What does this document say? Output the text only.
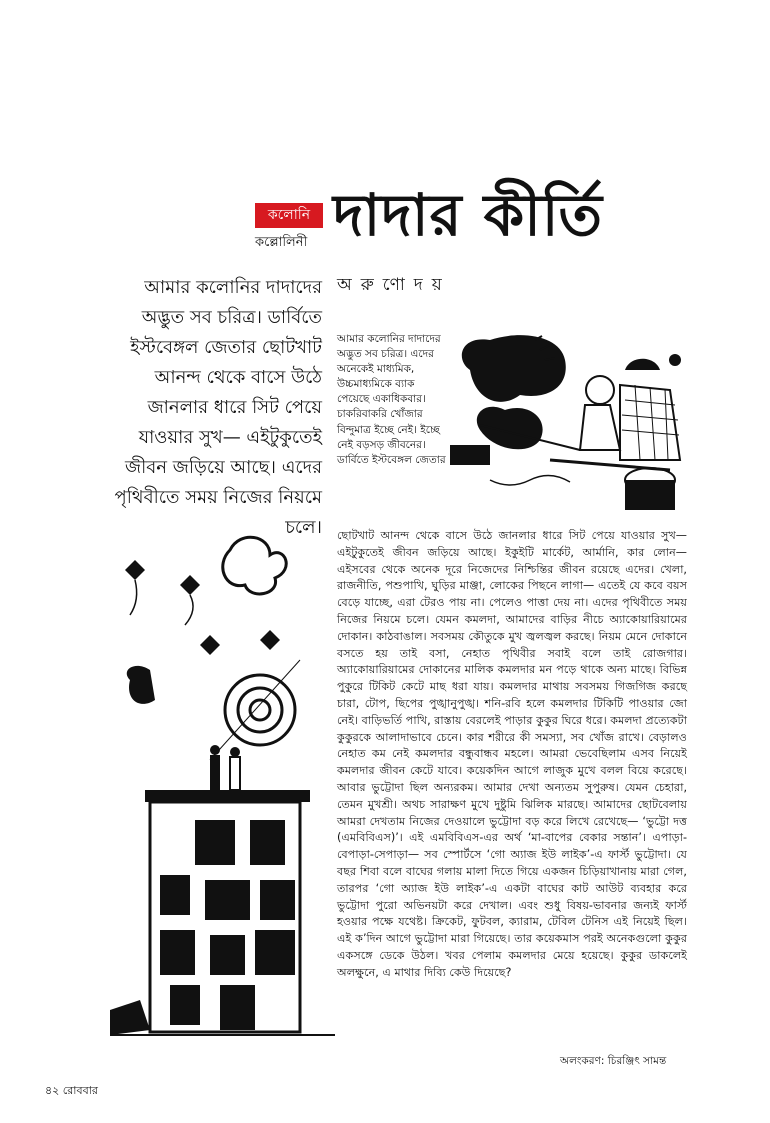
কলোনি
কল্লোলিনী দাদার কীর্তি
আমার কলোনির দাদাদের অদ্ভুত সব চরিত্র। ডার্বিতে ইস্টবেঙ্গল জেতার ছোটখাট আনন্দ থেকে বাসে উঠে জানলার ধারে সিট পেয়ে যাওয়ার সুখ— এইটুকুতেই জীবন জড়িয়ে আছে। এদের পৃথিবীতে সময় নিজের নিয়মে চলে।
অরুণোদয়
আমার কলোনির দাদাদের অদ্ভুত সব চরিত্র। এদের অনেকেই মাধ্যমিক, উচ্চমাধ্যমিকে ব্যাক পেয়েছে একাধিকবার। চাকরিবাকরি খোঁজার বিন্দুমাত্র ইচ্ছে নেই। ইচ্ছে নেই বড়সড় জীবনের। ডার্বিতে ইস্টবেঙ্গল জেতার

ছোটখাট আনন্দ থেকে বাসে উঠে জানলার ধারে সিট পেয়ে যাওয়ার সুখ— এইটুকুতেই জীবন জড়িয়ে আছে। ইকুইটি মার্কেট, আর্মানি, কার লোন— এইসবের থেকে অনেক দূরে নিজেদের নিশ্চিন্তির জীবন রয়েছে এদের। খেলা, রাজনীতি, পশুপাখি, ঘুড়ির মাঞ্জা, লোকের পিছনে লাগা— এতেই যে কবে বয়স বেড়ে যাচ্ছে, এরা টেরও পায় না। পেলেও পাত্তা দেয় না। এদের পৃথিবীতে সময় নিজের নিয়মে চলে। যেমন কমলদা, আমাদের বাড়ির নীচে অ্যাকোয়ারিয়ামের দোকান। কাঠবাঙাল। সবসময় কৌতুকে মুখ জ্বলজ্বল করছে। নিয়ম মেনে দোকানে বসতে হয় তাই বসা, নেহাত পৃথিবীর সবাই বলে তাই রোজগার। অ্যাকোয়ারিয়ামের দোকানের মালিক কমলদার মন পড়ে থাকে অন্য মাছে। বিভিন্ন পুকুরে টিকিট কেটে মাছ ধরা যায়। কমলদার মাথায় সবসময় গিজগিজ করছে চারা, টোপ, ছিপের পুঙ্খানুপুঙ্খ। শনি-রবি হলে কমলদার টিকিটি পাওয়ার জো নেই। বাড়িভর্তি পাখি, রাস্তায় বেরলেই পাড়ার কুকুর ঘিরে ধরে। কমলদা প্রত্যেকটা কুকুরকে আলাদাভাবে চেনে। কার শরীরে কী সমস্যা, সব খোঁজ রাখে। বেড়ালও নেহাত কম নেই কমলদার বন্ধুবান্ধব মহলে। আমরা ভেবেছিলাম এসব নিয়েই কমলদার জীবন কেটে যাবে। কয়েকদিন আগে লাজুক মুখে বলল বিয়ে করেছে। আবার ভুট্টোদা ছিল অন্যরকম। আমার দেখা অন্যতম সুপুরুষ। যেমন চেহারা, তেমন মুখশ্রী। অথচ সারাক্ষণ মুখে দুষ্টুমি ঝিলিক মারছে। আমাদের ছোটবেলায় আমরা দেখতাম নিজের দেওয়ালে ভুট্টোদা বড় করে লিখে রেখেছে— ‘ভুট্টো দত্ত (এমবিবিএস)’। এই এমবিবিএস-এর অর্থ ‘মা-বাপের বেকার সন্তান’। এপাড়া-বেপাড়া-সেপাড়া— সব স্পোর্টসে ‘গো অ্যাজ ইউ লাইক’-এ ফার্স্ট ভুট্টোদা। যে বছর শিবা বলে বাঘের গলায় মালা দিতে গিয়ে একজন চিড়িয়াখানায় মারা গেল, তারপর ‘গো অ্যাজ ইউ লাইক’-এ একটা বাঘের কাট আউট ব্যবহার করে ভুট্টোদা পুরো অভিনয়টা করে দেখাল। এবং শুধু বিষয়-ভাবনার জন্যই ফার্স্ট হওয়ার পক্ষে যথেষ্ট। ক্রিকেট, ফুটবল, ক্যারাম, টেবিল টেনিস এই নিয়েই ছিল। এই ক’দিন আগে ভুট্টোদা মারা গিয়েছে। তার কয়েকমাস পরই অনেকগুলো কুকুর একসঙ্গে ডেকে উঠল। খবর পেলাম কমলদার মেয়ে হয়েছে। কুকুর ডাকলেই অলক্ষুনে, এ মাথার দিব্যি কেউ দিয়েছে?

অলংকরণ: চিরঞ্জিৎ সামন্ত
৪২ রোববার
